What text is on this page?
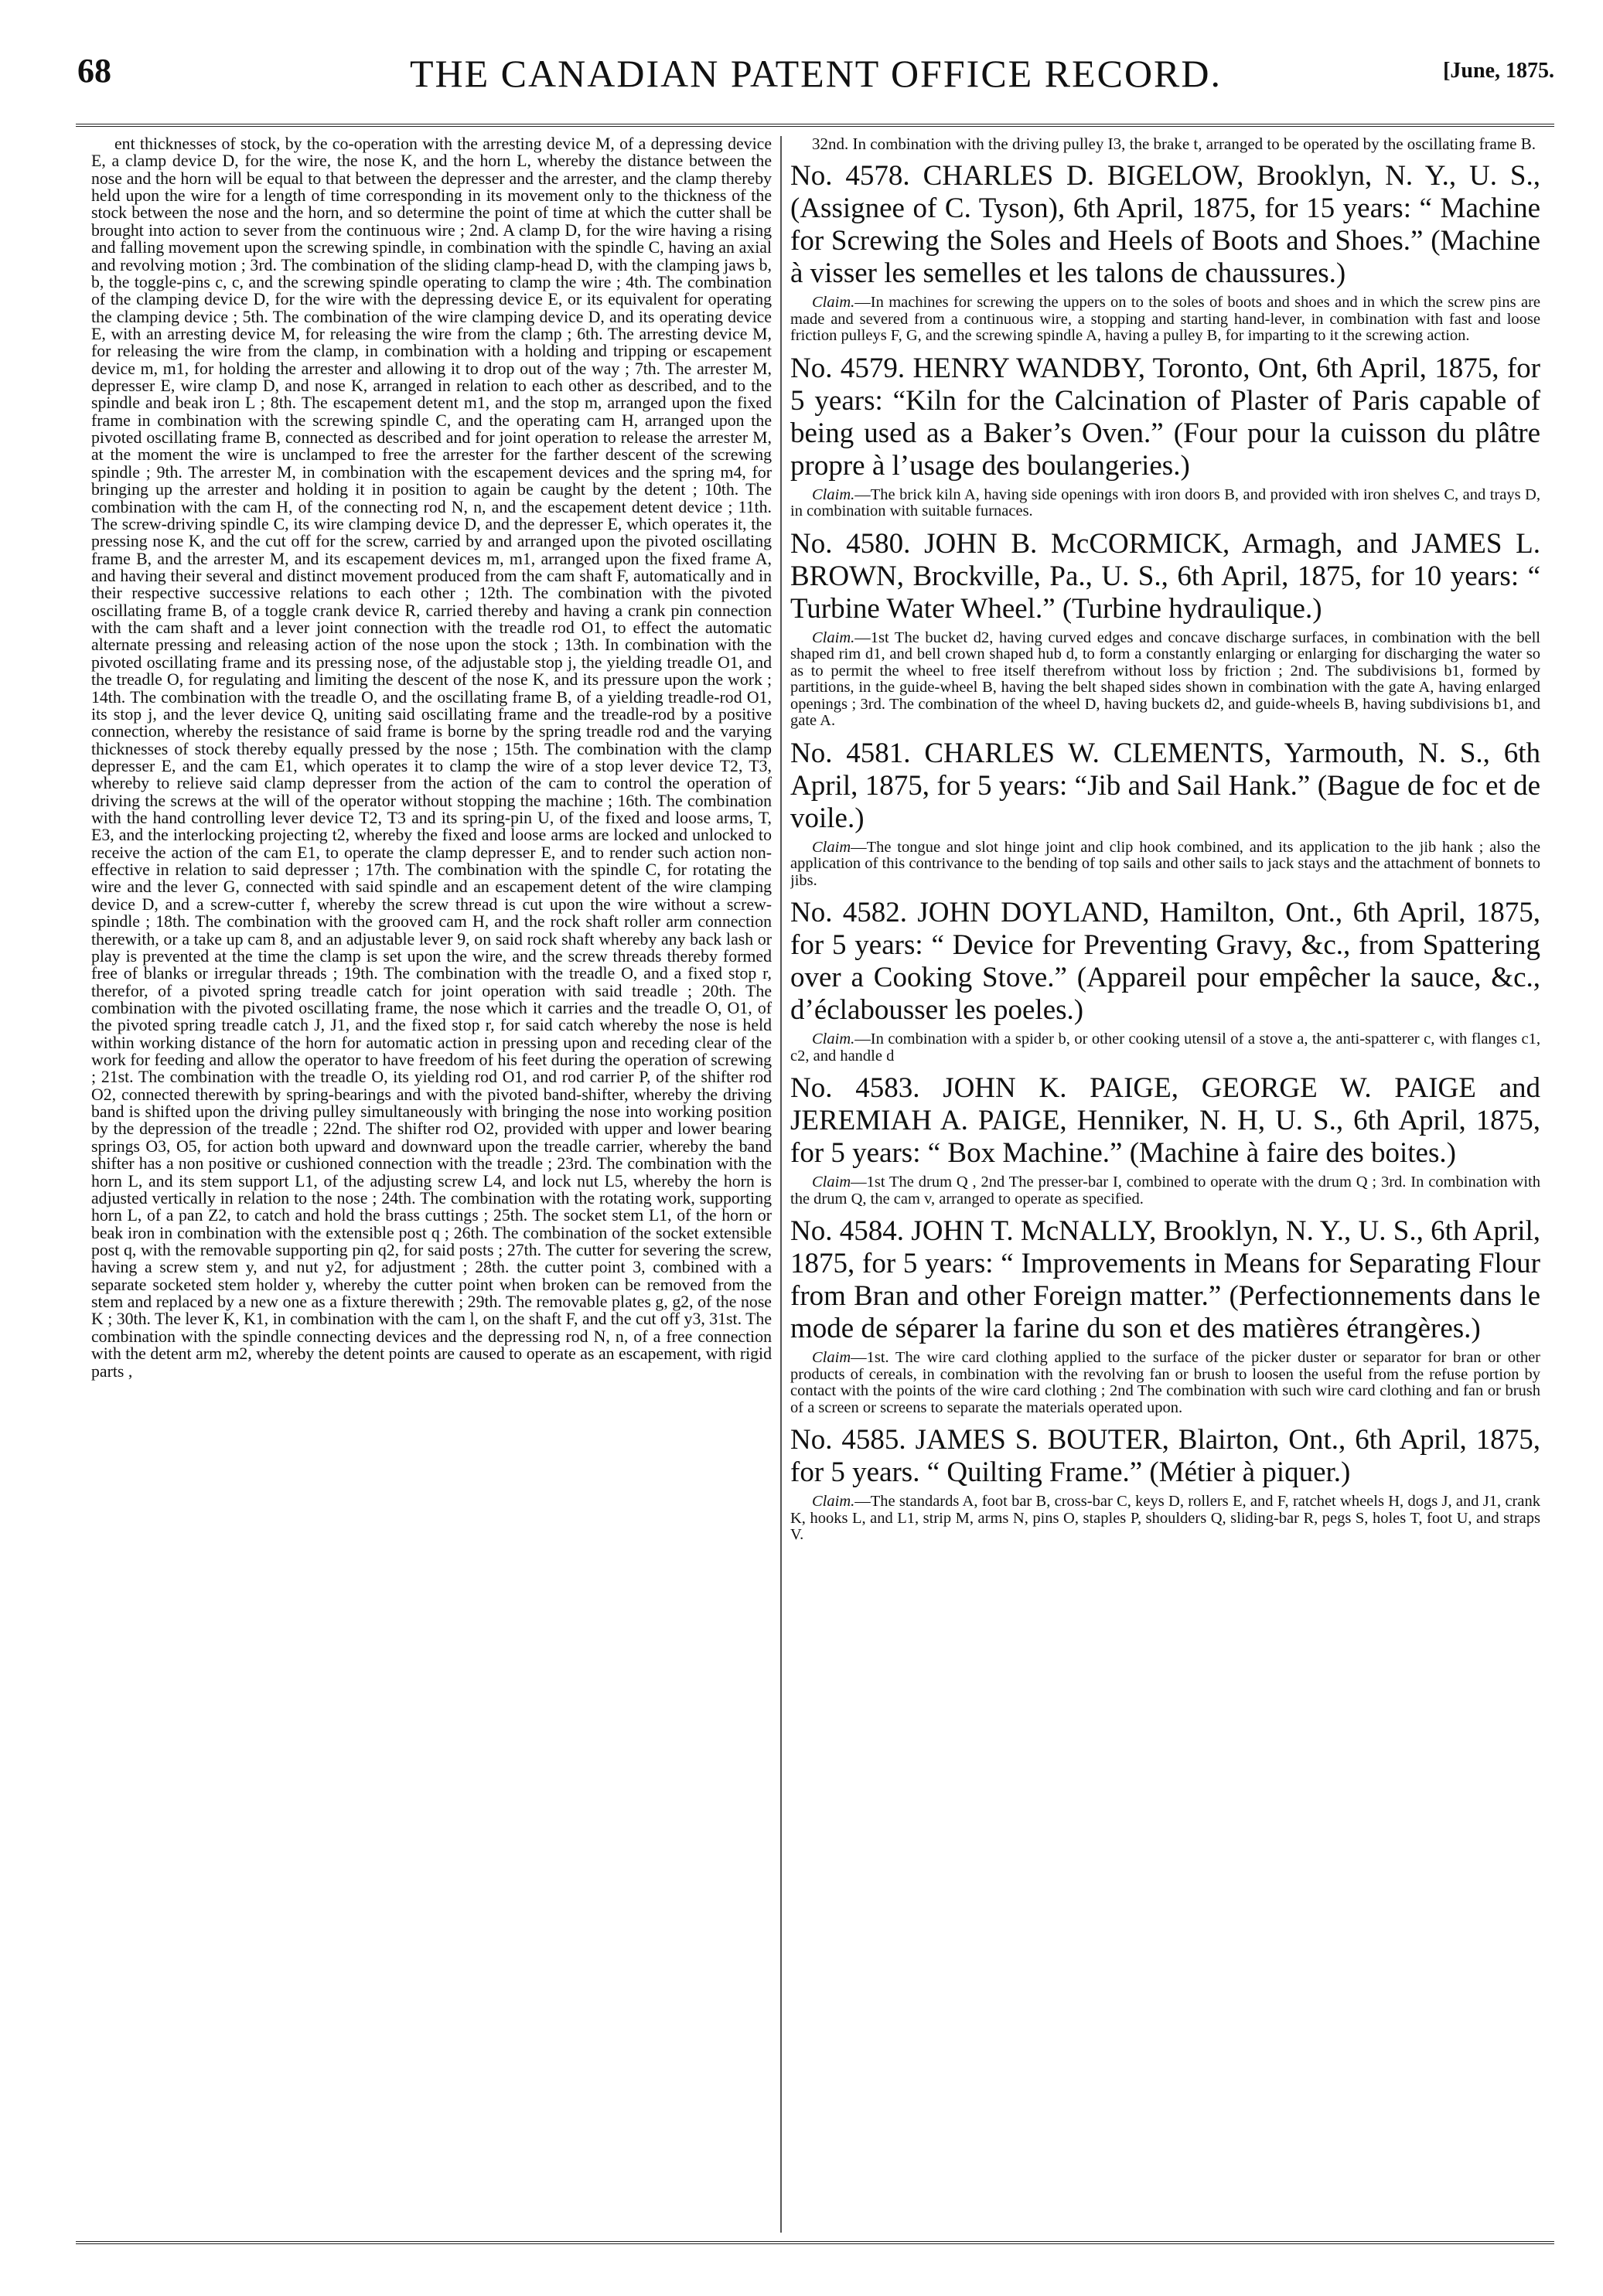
68	THE CANADIAN PATENT OFFICE RECORD.	[June, 1875.

ent thicknesses of stock, by the co-operation with the arresting device M, of a depressing device E, a clamp device D, for the wire, the nose K, and the horn L, whereby the distance between the nose and the horn will be equal to that between the depresser and the arrester, and the clamp thereby held upon the wire for a length of time corresponding in its movement only to the thickness of the stock between the nose and the horn, and so determine the point of time at which the cutter shall be brought into action to sever from the continuous wire ; 2nd. A clamp D, for the wire having a rising and falling movement upon the screwing spindle, in combination with the spindle C, having an axial and revolving motion ; 3rd. The combination of the sliding clamp-head D, with the clamping jaws b, b, the toggle-pins c, c, and the screwing spindle operating to clamp the wire ; 4th. The combination of the clamping device D, for the wire with the depressing device E, or its equivalent for operating the clamping device ; 5th. The combination of the wire clamping device D, and its operating device E, with an arresting device M, for releasing the wire from the clamp ; 6th. The arresting device M, for releasing the wire from the clamp, in combination with a holding and tripping or escapement device m, m1, for holding the arrester and allowing it to drop out of the way ; 7th. The arrester M, depresser E, wire clamp D, and nose K, arranged in relation to each other as described, and to the spindle and beak iron L ; 8th. The escapement detent m1, and the stop m, arranged upon the fixed frame in combination with the screwing spindle C, and the operating cam H, arranged upon the pivoted oscillating frame B, connected as described and for joint operation to release the arrester M, at the moment the wire is unclamped to free the arrester for the farther descent of the screwing spindle ; 9th. The arrester M, in combination with the escapement devices and the spring m4, for bringing up the arrester and holding it in position to again be caught by the detent ; 10th. The combination with the cam H, of the connecting rod N, n, and the escapement detent device ; 11th. The screw-driving spindle C, its wire clamping device D, and the depresser E, which operates it, the pressing nose K, and the cut off for the screw, carried by and arranged upon the pivoted oscillating frame B, and the arrester M, and its escapement devices m, m1, arranged upon the fixed frame A, and having their several and distinct movement produced from the cam shaft F, automatically and in their respective successive relations to each other ; 12th. The combination with the pivoted oscillating frame B, of a toggle crank device R, carried thereby and having a crank pin connection with the cam shaft and a lever joint connection with the treadle rod O1, to effect the automatic alternate pressing and releasing action of the nose upon the stock ; 13th. In combination with the pivoted oscillating frame and its pressing nose, of the adjustable stop j, the yielding treadle O1, and the treadle O, for regulating and limiting the descent of the nose K, and its pressure upon the work ; 14th. The combination with the treadle O, and the oscillating frame B, of a yielding treadle-rod O1, its stop j, and the lever device Q, uniting said oscillating frame and the treadle-rod by a positive connection, whereby the resistance of said frame is borne by the spring treadle rod and the varying thicknesses of stock thereby equally pressed by the nose ; 15th. The combination with the clamp depresser E, and the cam E1, which operates it to clamp the wire of a stop lever device T2, T3, whereby to relieve said clamp depresser from the action of the cam to control the operation of driving the screws at the will of the operator without stopping the machine ; 16th. The combination with the hand controlling lever device T2, T3 and its spring-pin U, of the fixed and loose arms, T, E3, and the interlocking projecting t2, whereby the fixed and loose arms are locked and unlocked to receive the action of the cam E1, to operate the clamp depresser E, and to render such action non-effective in relation to said depresser ; 17th. The combination with the spindle C, for rotating the wire and the lever G, connected with said spindle and an escapement detent of the wire clamping device D, and a screw-cutter f, whereby the screw thread is cut upon the wire without a screw-spindle ; 18th. The combination with the grooved cam H, and the rock shaft roller arm connection therewith, or a take up cam 8, and an adjustable lever 9, on said rock shaft whereby any back lash or play is prevented at the time the clamp is set upon the wire, and the screw threads thereby formed free of blanks or irregular threads ; 19th. The combination with the treadle O, and a fixed stop r, therefor, of a pivoted spring treadle catch for joint operation with said treadle ; 20th. The combination with the pivoted oscillating frame, the nose which it carries and the treadle O, O1, of the pivoted spring treadle catch J, J1, and the fixed stop r, for said catch whereby the nose is held within working distance of the horn for automatic action in pressing upon and receding clear of the work for feeding and allow the operator to have freedom of his feet during the operation of screwing ; 21st. The combination with the treadle O, its yielding rod O1, and rod carrier P, of the shifter rod O2, connected therewith by spring-bearings and with the pivoted band-shifter, whereby the driving band is shifted upon the driving pulley simultaneously with bringing the nose into working position by the depression of the treadle ; 22nd. The shifter rod O2, provided with upper and lower bearing springs O3, O5, for action both upward and downward upon the treadle carrier, whereby the band shifter has a non positive or cushioned connection with the treadle ; 23rd. The combination with the horn L, and its stem support L1, of the adjusting screw L4, and lock nut L5, whereby the horn is adjusted vertically in relation to the nose ; 24th. The combination with the rotating work, supporting horn L, of a pan Z2, to catch and hold the brass cuttings ; 25th. The socket stem L1, of the horn or beak iron in combination with the extensible post q ; 26th. The combination of the socket extensible post q, with the removable supporting pin q2, for said posts ; 27th. The cutter for severing the screw, having a screw stem y, and nut y2, for adjustment ; 28th. the cutter point 3, combined with a separate socketed stem holder y, whereby the cutter point when broken can be removed from the stem and replaced by a new one as a fixture therewith ; 29th. The removable plates g, g2, of the nose K ; 30th. The lever K, K1, in combination with the cam l, on the shaft F, and the cut off y3, 31st. The combination with the spindle connecting devices and the depressing rod N, n, of a free connection with the detent arm m2, whereby the detent points are caused to operate as an escapement, with rigid parts ,

32nd. In combination with the driving pulley I3, the brake t, arranged to be operated by the oscillating frame B.

No. 4578. CHARLES D. BIGELOW, Brooklyn, N. Y., U. S., (Assignee of C. Tyson), 6th April, 1875, for 15 years: “ Machine for Screwing the Soles and Heels of Boots and Shoes.” (Machine à visser les semelles et les talons de chaussures.)

Claim.—In machines for screwing the uppers on to the soles of boots and shoes and in which the screw pins are made and severed from a continuous wire, a stopping and starting hand-lever, in combination with fast and loose friction pulleys F, G, and the screwing spindle A, having a pulley B, for imparting to it the screwing action.

No. 4579. HENRY WANDBY, Toronto, Ont, 6th April, 1875, for 5 years: “Kiln for the Calcination of Plaster of Paris capable of being used as a Baker’s Oven.” (Four pour la cuisson du plâtre propre à l’usage des boulangeries.)

Claim.—The brick kiln A, having side openings with iron doors B, and provided with iron shelves C, and trays D, in combination with suitable furnaces.

No. 4580. JOHN B. McCORMICK, Armagh, and JAMES L. BROWN, Brockville, Pa., U. S., 6th April, 1875, for 10 years: “ Turbine Water Wheel.” (Turbine hydraulique.)

Claim.—1st The bucket d2, having curved edges and concave discharge surfaces, in combination with the bell shaped rim d1, and bell crown shaped hub d, to form a constantly enlarging or enlarging for discharging the water so as to permit the wheel to free itself therefrom without loss by friction ; 2nd. The subdivisions b1, formed by partitions, in the guide-wheel B, having the belt shaped sides shown in combination with the gate A, having enlarged openings ; 3rd. The combination of the wheel D, having buckets d2, and guide-wheels B, having subdivisions b1, and gate A.

No. 4581. CHARLES W. CLEMENTS, Yarmouth, N. S., 6th April, 1875, for 5 years: “Jib and Sail Hank.” (Bague de foc et de voile.)

Claim—The tongue and slot hinge joint and clip hook combined, and its application to the jib hank ; also the application of this contrivance to the bending of top sails and other sails to jack stays and the attachment of bonnets to jibs.

No. 4582. JOHN DOYLAND, Hamilton, Ont., 6th April, 1875, for 5 years: “ Device for Preventing Gravy, &c., from Spattering over a Cooking Stove.” (Appareil pour empêcher la sauce, &c., d’éclabousser les poeles.)

Claim.—In combination with a spider b, or other cooking utensil of a stove a, the anti-spatterer c, with flanges c1, c2, and handle d

No. 4583. JOHN K. PAIGE, GEORGE W. PAIGE and JEREMIAH A. PAIGE, Henniker, N. H, U. S., 6th April, 1875, for 5 years: “ Box Machine.” (Machine à faire des boites.)

Claim—1st The drum Q , 2nd The presser-bar I, combined to operate with the drum Q ; 3rd. In combination with the drum Q, the cam v, arranged to operate as specified.

No. 4584. JOHN T. McNALLY, Brooklyn, N. Y., U. S., 6th April, 1875, for 5 years: “ Improvements in Means for Separating Flour from Bran and other Foreign matter.” (Perfectionnements dans le mode de séparer la farine du son et des matières étrangères.)

Claim—1st. The wire card clothing applied to the surface of the picker duster or separator for bran or other products of cereals, in combination with the revolving fan or brush to loosen the useful from the refuse portion by contact with the points of the wire card clothing ; 2nd The combination with such wire card clothing and fan or brush of a screen or screens to separate the materials operated upon.

No. 4585. JAMES S. BOUTER, Blairton, Ont., 6th April, 1875, for 5 years. “ Quilting Frame.” (Métier à piquer.)

Claim.—The standards A, foot bar B, cross-bar C, keys D, rollers E, and F, ratchet wheels H, dogs J, and J1, crank K, hooks L, and L1, strip M, arms N, pins O, staples P, shoulders Q, sliding-bar R, pegs S, holes T, foot U, and straps V.
